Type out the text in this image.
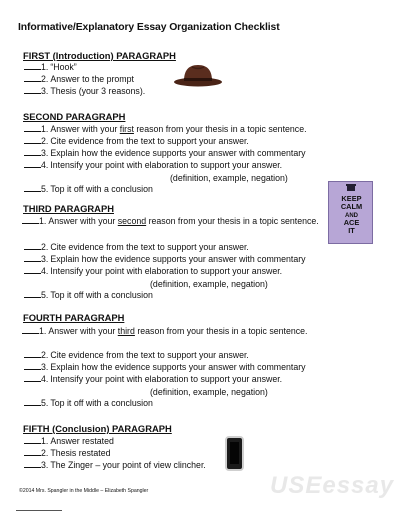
Informative/Explanatory Essay Organization Checklist
FIRST (Introduction) PARAGRAPH
1. “Hook”
2. Answer to the prompt
3. Thesis (your 3 reasons).
SECOND PARAGRAPH
1. Answer with your first reason from your thesis in a topic sentence.
2. Cite evidence from the text to support your answer.
3. Explain how the evidence supports your answer with commentary
4. Intensify your point with elaboration to support your answer.
(definition, example, negation)
5. Top it off with a conclusion
KEEP
CALM
AND
ACE
IT
THIRD PARAGRAPH
1. Answer with your second reason from your thesis in a topic sentence.
2. Cite evidence from the text to support your answer.
3. Explain how the evidence supports your answer with commentary
4. Intensify your point with elaboration to support your answer.
(definition, example, negation)
5. Top it off with a conclusion
FOURTH PARAGRAPH
1. Answer with your third reason from your thesis in a topic sentence.
2. Cite evidence from the text to support your answer.
3. Explain how the evidence supports your answer with commentary
4. Intensify your point with elaboration to support your answer.
(definition, example, negation)
5. Top it off with a conclusion
FIFTH (Conclusion) PARAGRAPH
1. Answer restated
2. Thesis restated
3. The Zinger – your point of view clincher.
USEessay
©2014 Mrs. Spangler in the Middle – Elizabeth Spangler
